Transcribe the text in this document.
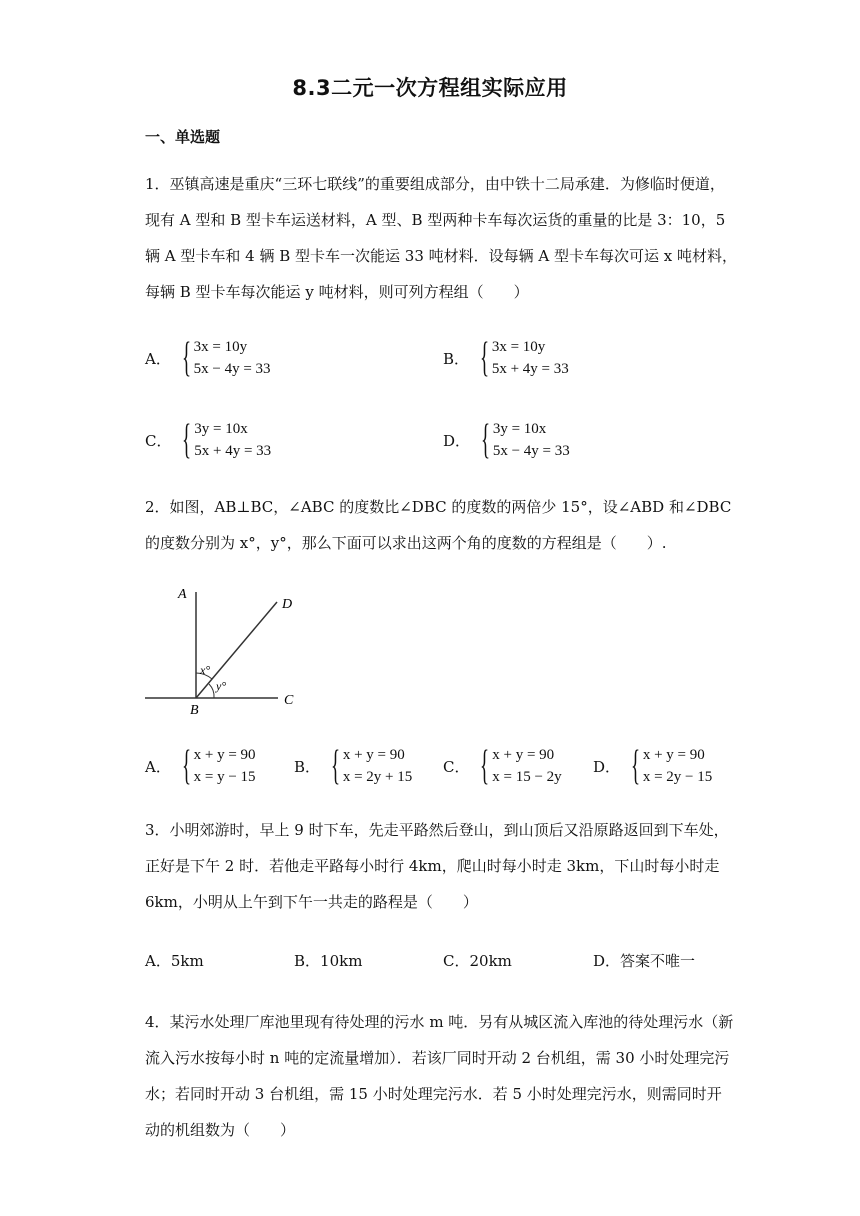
8.3二元一次方程组实际应用
一、单选题
1．巫镇高速是重庆“三环七联线”的重要组成部分，由中铁十二局承建．为修临时便道，
现有 A 型和 B 型卡车运送材料，A 型、B 型两种卡车每次运货的重量的比是 3：10，5
辆 A 型卡车和 4 辆 B 型卡车一次能运 33 吨材料．设每辆 A 型卡车每次可运 x 吨材料，
每辆 B 型卡车每次能运 y 吨材料，则可列方程组（　　）
A． { 3x = 10y
5x − 4y = 33
B． { 3x = 10y
5x + 4y = 33
C． { 3y = 10x
5x + 4y = 33
D． { 3y = 10x
5x − 4y = 33
2．如图，AB⊥BC，∠ABC 的度数比∠DBC 的度数的两倍少 15°，设∠ABD 和∠DBC
的度数分别为 x°，y°，那么下面可以求出这两个角的度数的方程组是（　　）.
A
B
C
D
x°
y°
A． { x + y = 90
x = y − 15
B． { x + y = 90
x = 2y + 15
C． { x + y = 90
x = 15 − 2y
D． { x + y = 90
x = 2y − 15
3．小明郊游时，早上 9 时下车，先走平路然后登山，到山顶后又沿原路返回到下车处，
正好是下午 2 时．若他走平路每小时行 4km，爬山时每小时走 3km，下山时每小时走
6km，小明从上午到下午一共走的路程是（　　）
A．5km	B．10km	C．20km	D．答案不唯一
4．某污水处理厂库池里现有待处理的污水 m 吨．另有从城区流入库池的待处理污水（新
流入污水按每小时 n 吨的定流量增加）．若该厂同时开动 2 台机组，需 30 小时处理完污
水；若同时开动 3 台机组，需 15 小时处理完污水．若 5 小时处理完污水，则需同时开
动的机组数为（　　）
